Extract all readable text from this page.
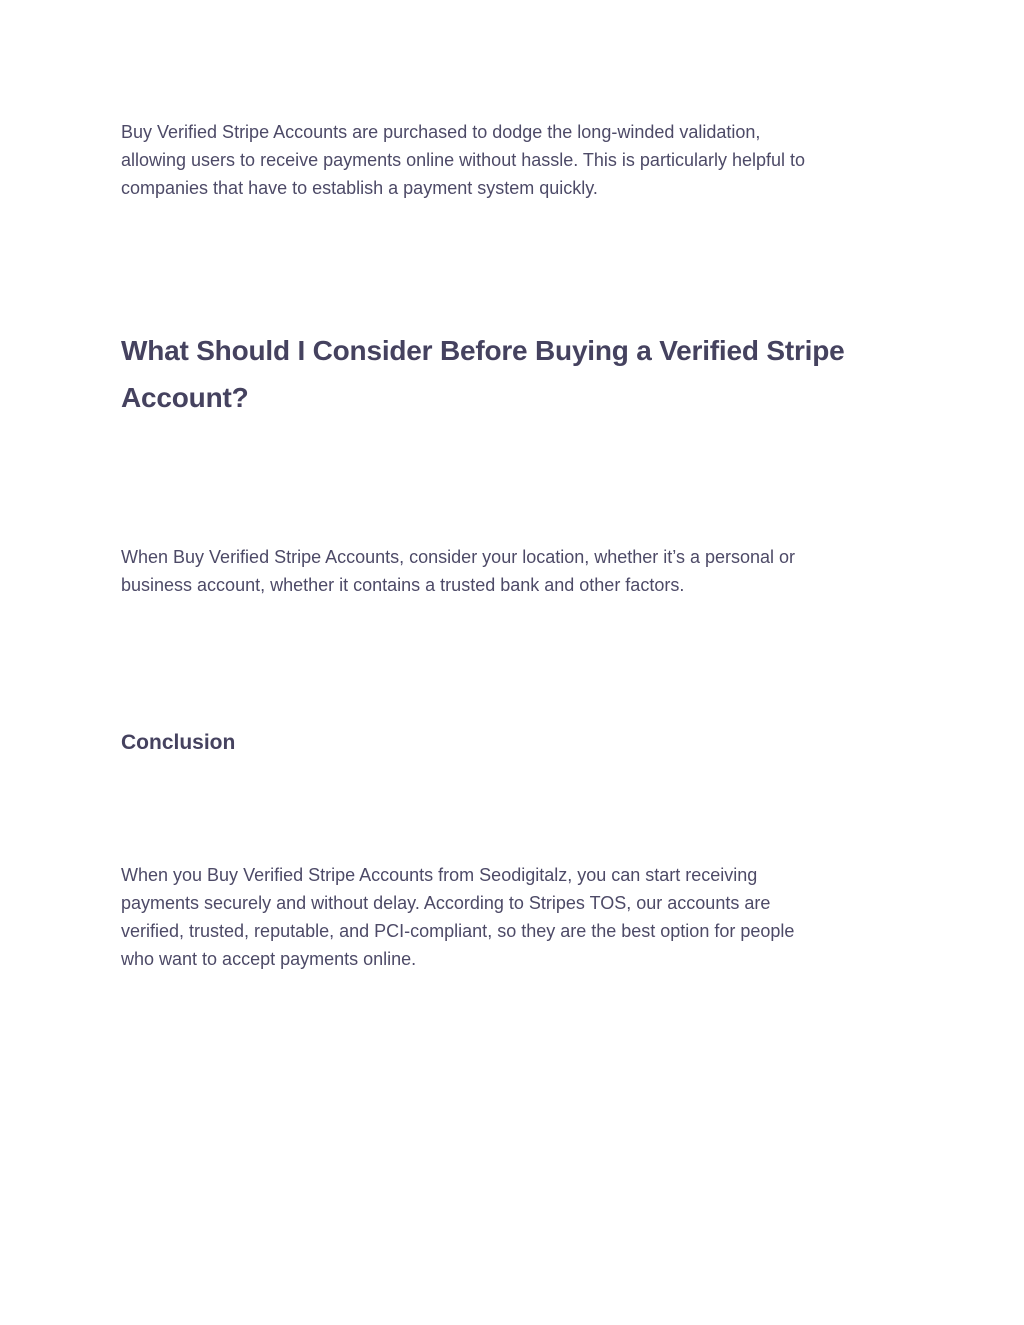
Buy Verified Stripe Accounts are purchased to dodge the long-winded validation,
allowing users to receive payments online without hassle. This is particularly helpful to
companies that have to establish a payment system quickly.

What Should I Consider Before Buying a Verified Stripe
Account?

When Buy Verified Stripe Accounts, consider your location, whether it’s a personal or
business account, whether it contains a trusted bank and other factors.

Conclusion

When you Buy Verified Stripe Accounts from Seodigitalz, you can start receiving
payments securely and without delay. According to Stripes TOS, our accounts are
verified, trusted, reputable, and PCI-compliant, so they are the best option for people
who want to accept payments online.
